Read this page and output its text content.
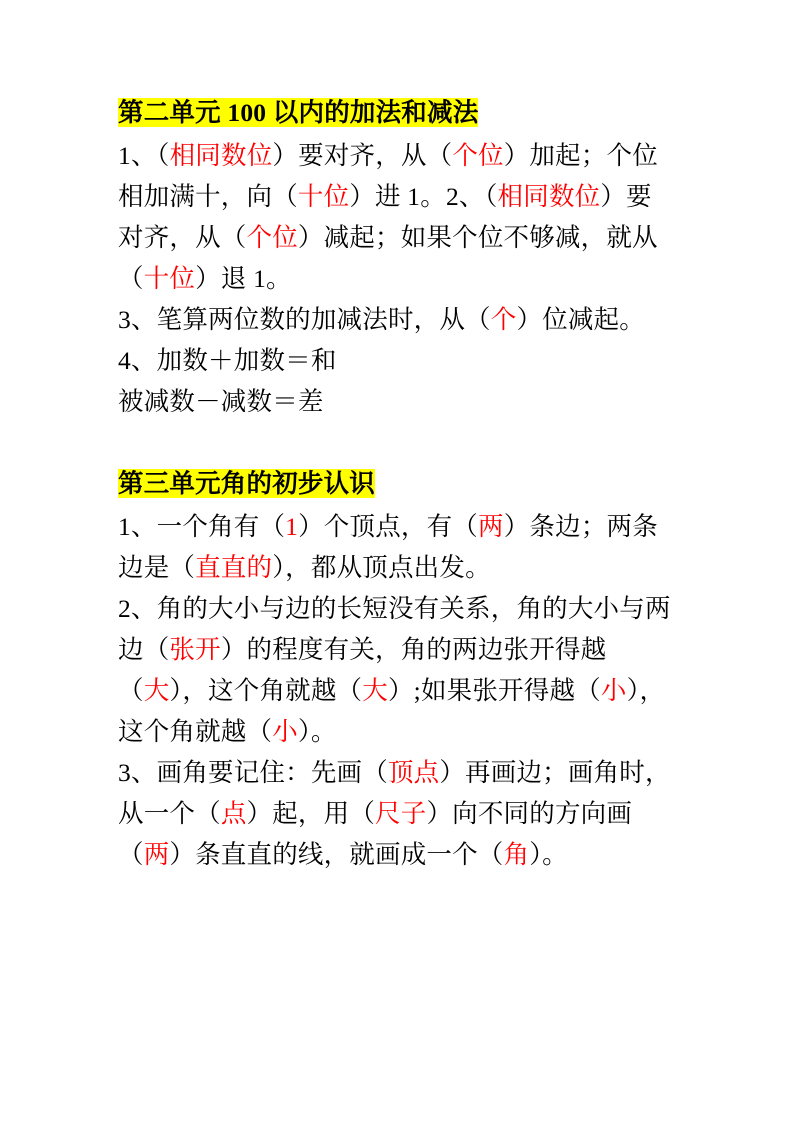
第二单元 100 以内的加法和减法

1、（相同数位）要对齐，从（个位）加起；个位相加满十，向（十位）进 1。2、（相同数位）要对齐，从（个位）减起；如果个位不够减，就从（十位）退 1。

3、笔算两位数的加减法时，从（个）位减起。

4、加数＋加数＝和

被减数－减数＝差

第三单元角的初步认识

1、一个角有（1）个顶点，有（两）条边；两条边是（直直的），都从顶点出发。

2、角的大小与边的长短没有关系，角的大小与两边（张开）的程度有关，角的两边张开得越（大），这个角就越（大）;如果张开得越（小），这个角就越（小）。

3、画角要记住：先画（顶点）再画边；画角时，从一个（点）起，用（尺子）向不同的方向画（两）条直直的线，就画成一个（角）。
